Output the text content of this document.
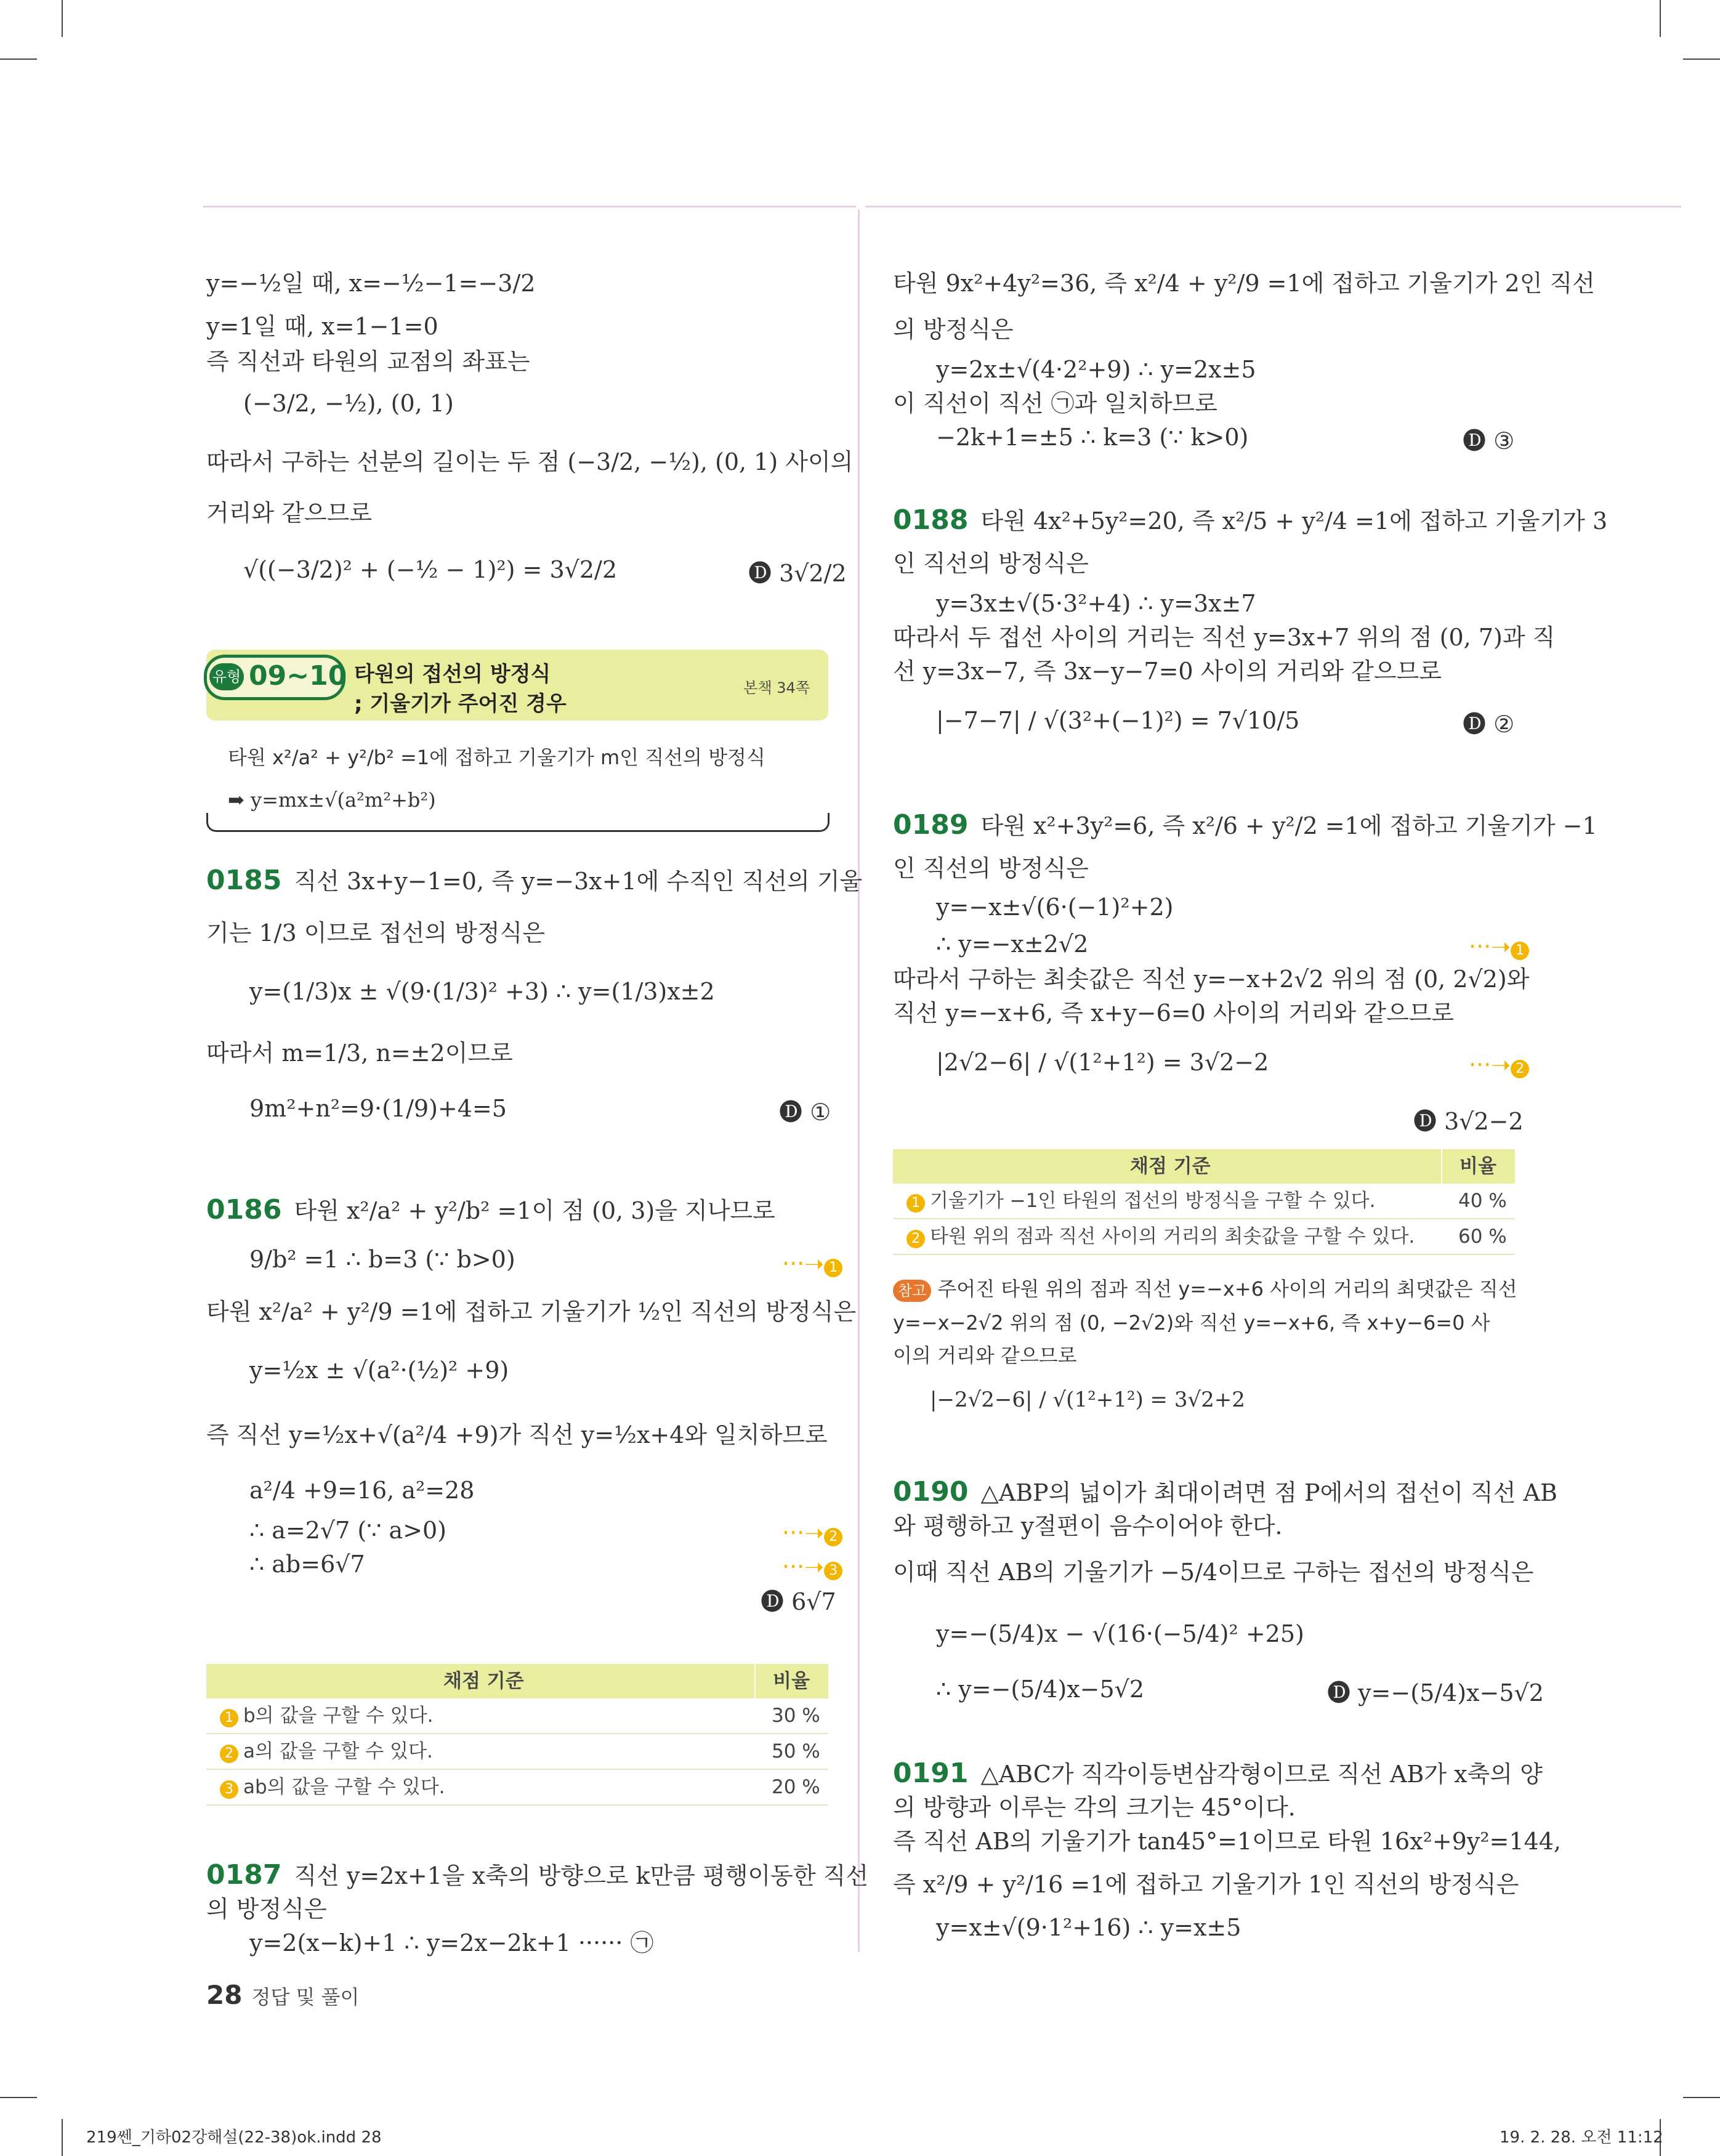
y=−½일 때, x=−½−1=−3/2
y=1일 때, x=1−1=0
즉 직선과 타원의 교점의 좌표는
(−3/2, −½), (0, 1)
따라서 구하는 선분의 길이는 두 점 (−3/2, −½), (0, 1) 사이의
거리와 같으므로
√((−3/2)² + (−½ − 1)²) = 3√2/2	🅓 3√2/2
유형 09~10 타원의 접선의 방정식
; 기울기가 주어진 경우
본책 34쪽
타원 x²/a² + y²/b² =1에 접하고 기울기가 m인 직선의 방정식
➡ y=mx±√(a²m²+b²)
0185 직선 3x+y−1=0, 즉 y=−3x+1에 수직인 직선의 기울
기는 1/3 이므로 접선의 방정식은
y=(1/3)x ± √(9·(1/3)² +3) ∴ y=(1/3)x±2
따라서 m=1/3, n=±2이므로
9m²+n²=9·(1/9)+4=5	🅓 ①
0186 타원 x²/a² + y²/b² =1이 점 (0, 3)을 지나므로
9/b² =1 ∴ b=3 (∵ b>0)
타원 x²/a² + y²/9 =1에 접하고 기울기가 ½인 직선의 방정식은
y=½x ± √(a²·(½)² +9)
즉 직선 y=½x+√(a²/4 +9)가 직선 y=½x+4와 일치하므로
a²/4 +9=16, a²=28
∴ a=2√7 (∵ a>0)
∴ ab=6√7
···➝ 1
···➝ 2
···➝ 3
🅓 6√7
채점 기준	비율
1 b의 값을 구할 수 있다.	30 %
2 a의 값을 구할 수 있다.	50 %
3 ab의 값을 구할 수 있다.	20 %
0187 직선 y=2x+1을 x축의 방향으로 k만큼 평행이동한 직선
의 방정식은
y=2(x−k)+1 ∴ y=2x−2k+1 ······ ㉠
28 정답 및 풀이
타원 9x²+4y²=36, 즉 x²/4 + y²/9 =1에 접하고 기울기가 2인 직선
의 방정식은
y=2x±√(4·2²+9) ∴ y=2x±5
이 직선이 직선 ㉠과 일치하므로
−2k+1=±5 ∴ k=3 (∵ k>0)	🅓 ③
0188 타원 4x²+5y²=20, 즉 x²/5 + y²/4 =1에 접하고 기울기가 3
인 직선의 방정식은
y=3x±√(5·3²+4) ∴ y=3x±7
따라서 두 접선 사이의 거리는 직선 y=3x+7 위의 점 (0, 7)과 직
선 y=3x−7, 즉 3x−y−7=0 사이의 거리와 같으므로
|−7−7| / √(3²+(−1)²) = 7√10/5	🅓 ②
0189 타원 x²+3y²=6, 즉 x²/6 + y²/2 =1에 접하고 기울기가 −1
인 직선의 방정식은
y=−x±√(6·(−1)²+2)
∴ y=−x±2√2
따라서 구하는 최솟값은 직선 y=−x+2√2 위의 점 (0, 2√2)와
직선 y=−x+6, 즉 x+y−6=0 사이의 거리와 같으므로
|2√2−6| / √(1²+1²) = 3√2−2
···➝ 1
···➝ 2
🅓 3√2−2
채점 기준	비율
1 기울기가 −1인 타원의 접선의 방정식을 구할 수 있다.	40 %
2 타원 위의 점과 직선 사이의 거리의 최솟값을 구할 수 있다. 60 %
참고 주어진 타원 위의 점과 직선 y=−x+6 사이의 거리의 최댓값은 직선
y=−x−2√2 위의 점 (0, −2√2)와 직선 y=−x+6, 즉 x+y−6=0 사
이의 거리와 같으므로
|−2√2−6| / √(1²+1²) = 3√2+2
0190 △ABP의 넓이가 최대이려면 점 P에서의 접선이 직선 AB
와 평행하고 y절편이 음수이어야 한다.
이때 직선 AB의 기울기가 −5/4이므로 구하는 접선의 방정식은
y=−(5/4)x − √(16·(−5/4)² +25)
∴ y=−(5/4)x−5√2	🅓 y=−(5/4)x−5√2
0191 △ABC가 직각이등변삼각형이므로 직선 AB가 x축의 양
의 방향과 이루는 각의 크기는 45°이다.
즉 직선 AB의 기울기가 tan45°=1이므로 타원 16x²+9y²=144,
즉 x²/9 + y²/16 =1에 접하고 기울기가 1인 직선의 방정식은
y=x±√(9·1²+16) ∴ y=x±5
219쎈_기하02강해설(22-38)ok.indd 28	19. 2. 28. 오전 11:12
